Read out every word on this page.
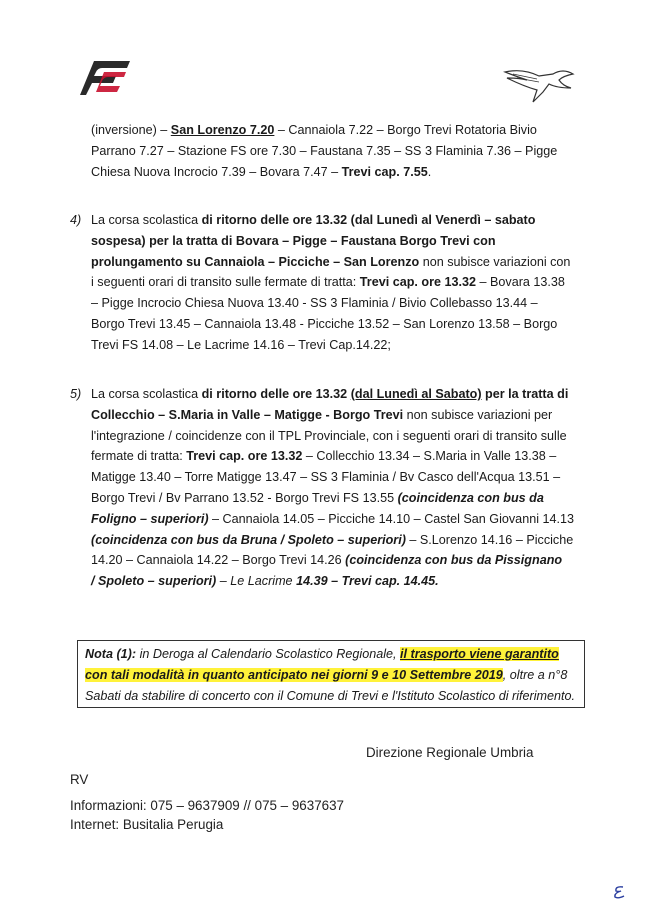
(inversione) – San Lorenzo 7.20 – Cannaiola 7.22 – Borgo Trevi Rotatoria Bivio
Parrano 7.27 – Stazione FS ore 7.30 – Faustana 7.35 – SS 3 Flaminia 7.36 – Pigge
Chiesa Nuova Incrocio 7.39 – Bovara 7.47 – Trevi cap. 7.55.
4) La corsa scolastica di ritorno delle ore 13.32 (dal Lunedì al Venerdì – sabato
sospesa) per la tratta di Bovara – Pigge – Faustana Borgo Trevi con
prolungamento su Cannaiola – Picciche – San Lorenzo non subisce variazioni con
i seguenti orari di transito sulle fermate di tratta: Trevi cap. ore 13.32 – Bovara 13.38
– Pigge Incrocio Chiesa Nuova 13.40 - SS 3 Flaminia / Bivio Collebasso 13.44 –
Borgo Trevi 13.45 – Cannaiola 13.48 - Picciche 13.52 – San Lorenzo 13.58 – Borgo
Trevi FS 14.08 – Le Lacrime 14.16 – Trevi Cap.14.22;
5) La corsa scolastica di ritorno delle ore 13.32 (dal Lunedì al Sabato) per la tratta di
Collecchio – S.Maria in Valle – Matigge - Borgo Trevi non subisce variazioni per
l'integrazione / coincidenze con il TPL Provinciale, con i seguenti orari di transito sulle
fermate di tratta: Trevi cap. ore 13.32 – Collecchio 13.34 – S.Maria in Valle 13.38 –
Matigge 13.40 – Torre Matigge 13.47 – SS 3 Flaminia / Bv Casco dell'Acqua 13.51 –
Borgo Trevi / Bv Parrano 13.52 - Borgo Trevi FS 13.55 (coincidenza con bus da
Foligno – superiori) – Cannaiola 14.05 – Picciche 14.10 – Castel San Giovanni 14.13
(coincidenza con bus da Bruna / Spoleto – superiori) – S.Lorenzo 14.16 – Picciche
14.20 – Cannaiola 14.22 – Borgo Trevi 14.26 (coincidenza con bus da Pissignano
/ Spoleto – superiori) – Le Lacrime 14.39 – Trevi cap. 14.45.
Nota (1): in Deroga al Calendario Scolastico Regionale, il trasporto viene garantito
con tali modalità in quanto anticipato nei giorni 9 e 10 Settembre 2019, oltre a n°8
Sabati da stabilire di concerto con il Comune di Trevi e l'Istituto Scolastico di riferimento.
Direzione Regionale Umbria
RV
Informazioni: 075 – 9637909 // 075 – 9637637
Internet: Busitalia Perugia
